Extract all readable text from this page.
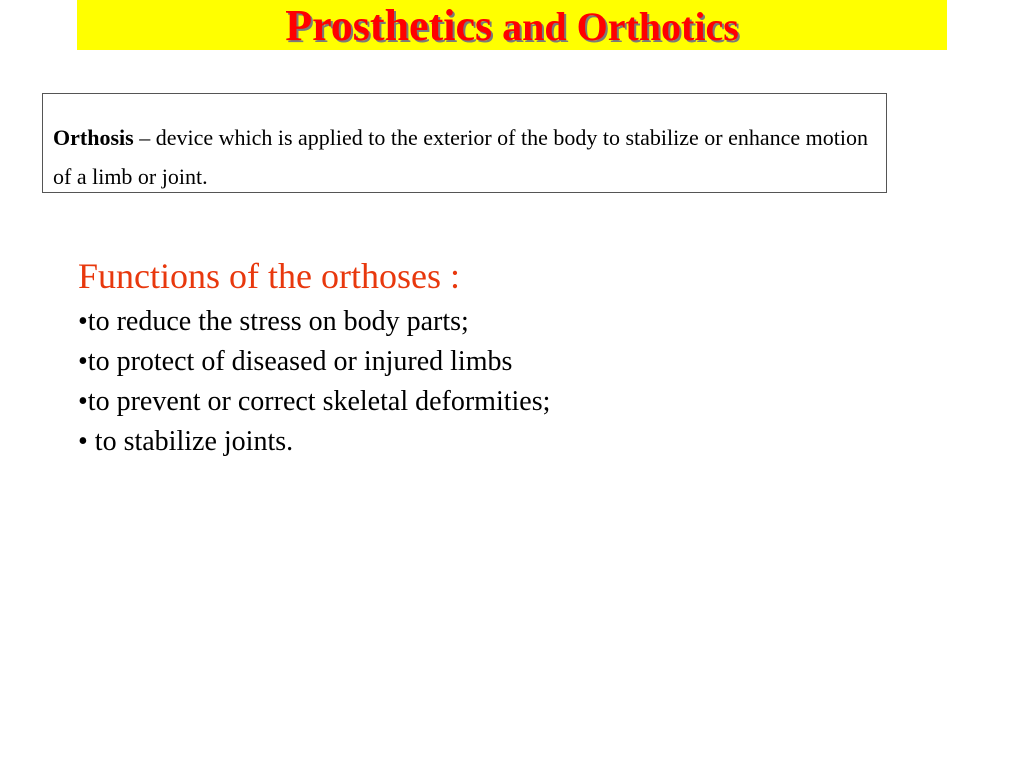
Prosthetics and Orthotics

Orthosis – device which is applied to the exterior of the body to stabilize or enhance motion of a limb or joint.

Functions of the orthoses :
•to reduce the stress on body parts;
•to protect of diseased or injured limbs
•to prevent or correct skeletal deformities;
• to stabilize joints.
